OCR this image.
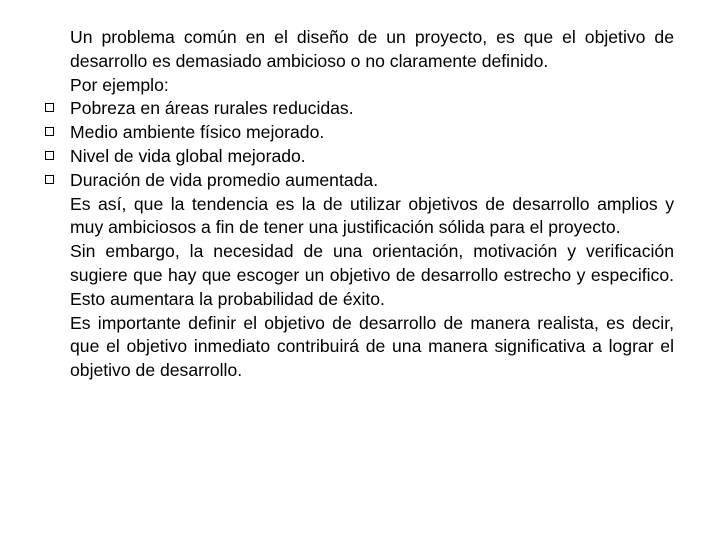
Un problema común en el diseño de un proyecto, es que el objetivo de desarrollo es demasiado ambicioso o no claramente definido.

Por ejemplo:

Pobreza en áreas rurales reducidas.
Medio ambiente físico mejorado.
Nivel de vida global mejorado.
Duración de vida promedio aumentada.

Es así, que la tendencia es la de utilizar objetivos de desarrollo amplios y muy ambiciosos a fin de tener una justificación sólida para el proyecto.

Sin embargo, la necesidad de una orientación, motivación y verificación sugiere que hay que escoger un objetivo de desarrollo estrecho y especifico. Esto aumentara la probabilidad de éxito.

Es importante definir el objetivo de desarrollo de manera realista, es decir, que el objetivo inmediato contribuirá de una manera significativa a lograr el objetivo de desarrollo.
